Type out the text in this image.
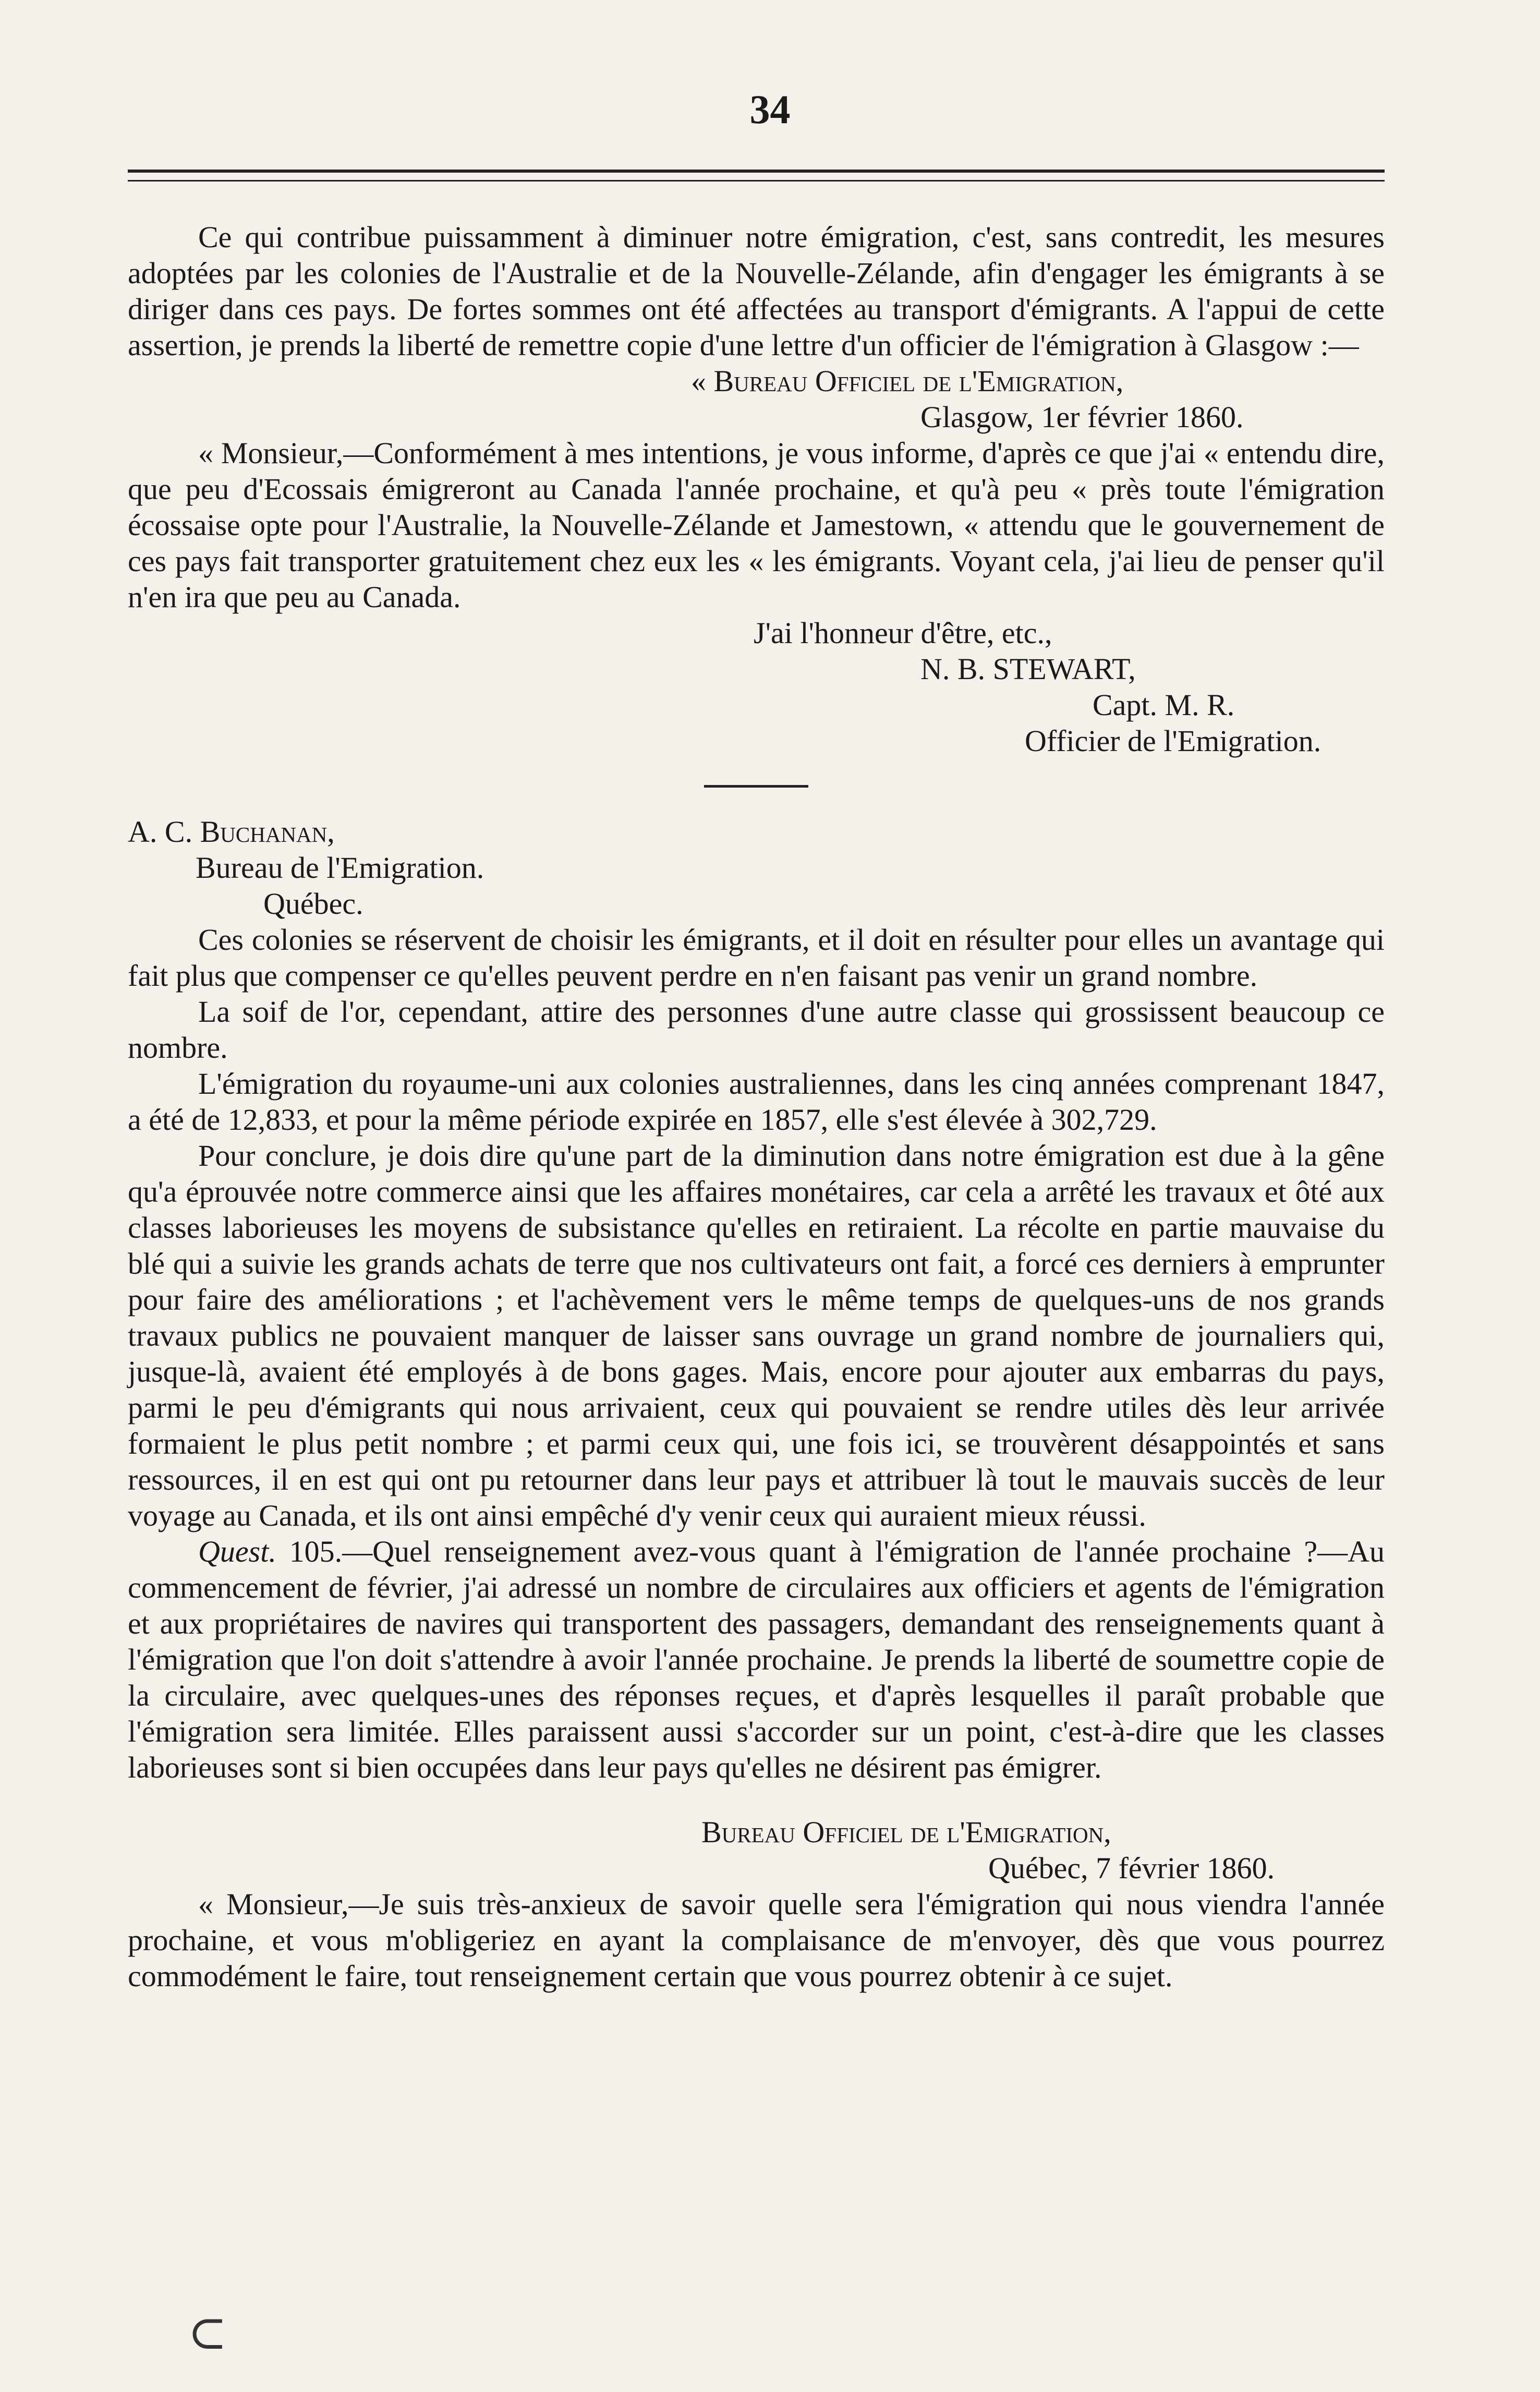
34

Ce qui contribue puissamment à diminuer notre émigration, c'est, sans contredit, les mesures adoptées par les colonies de l'Australie et de la Nouvelle-Zélande, afin d'engager les émigrants à se diriger dans ces pays. De fortes sommes ont été affectées au transport d'émigrants. A l'appui de cette assertion, je prends la liberté de remettre copie d'une lettre d'un officier de l'émigration à Glasgow :—

« Bureau Officiel de l'Emigration,

Glasgow, 1er février 1860.

« Monsieur,—Conformément à mes intentions, je vous informe, d'après ce que j'ai « entendu dire, que peu d'Ecossais émigreront au Canada l'année prochaine, et qu'à peu « près toute l'émigration écossaise opte pour l'Australie, la Nouvelle-Zélande et Jamestown, « attendu que le gouvernement de ces pays fait transporter gratuitement chez eux les « les émigrants. Voyant cela, j'ai lieu de penser qu'il n'en ira que peu au Canada.

J'ai l'honneur d'être, etc.,

N. B. STEWART,

Capt. M. R.

Officier de l'Emigration.

A. C. Buchanan,

Bureau de l'Emigration.

Québec.

Ces colonies se réservent de choisir les émigrants, et il doit en résulter pour elles un avantage qui fait plus que compenser ce qu'elles peuvent perdre en n'en faisant pas venir un grand nombre.

La soif de l'or, cependant, attire des personnes d'une autre classe qui grossissent beaucoup ce nombre.

L'émigration du royaume-uni aux colonies australiennes, dans les cinq années comprenant 1847, a été de 12,833, et pour la même période expirée en 1857, elle s'est élevée à 302,729.

Pour conclure, je dois dire qu'une part de la diminution dans notre émigration est due à la gêne qu'a éprouvée notre commerce ainsi que les affaires monétaires, car cela a arrêté les travaux et ôté aux classes laborieuses les moyens de subsistance qu'elles en retiraient. La récolte en partie mauvaise du blé qui a suivie les grands achats de terre que nos cultivateurs ont fait, a forcé ces derniers à emprunter pour faire des améliorations ; et l'achèvement vers le même temps de quelques-uns de nos grands travaux publics ne pouvaient manquer de laisser sans ouvrage un grand nombre de journaliers qui, jusque-là, avaient été employés à de bons gages. Mais, encore pour ajouter aux embarras du pays, parmi le peu d'émigrants qui nous arrivaient, ceux qui pouvaient se rendre utiles dès leur arrivée formaient le plus petit nombre ; et parmi ceux qui, une fois ici, se trouvèrent désappointés et sans ressources, il en est qui ont pu retourner dans leur pays et attribuer là tout le mauvais succès de leur voyage au Canada, et ils ont ainsi empêché d'y venir ceux qui auraient mieux réussi.

Quest. 105.—Quel renseignement avez-vous quant à l'émigration de l'année prochaine ?—Au commencement de février, j'ai adressé un nombre de circulaires aux officiers et agents de l'émigration et aux propriétaires de navires qui transportent des passagers, demandant des renseignements quant à l'émigration que l'on doit s'attendre à avoir l'année prochaine. Je prends la liberté de soumettre copie de la circulaire, avec quelques-unes des réponses reçues, et d'après lesquelles il paraît probable que l'émigration sera limitée. Elles paraissent aussi s'accorder sur un point, c'est-à-dire que les classes laborieuses sont si bien occupées dans leur pays qu'elles ne désirent pas émigrer.

Bureau Officiel de l'Emigration,

Québec, 7 février 1860.

« Monsieur,—Je suis très-anxieux de savoir quelle sera l'émigration qui nous viendra l'année prochaine, et vous m'obligeriez en ayant la complaisance de m'envoyer, dès que vous pourrez commodément le faire, tout renseignement certain que vous pourrez obtenir à ce sujet.

⊂
